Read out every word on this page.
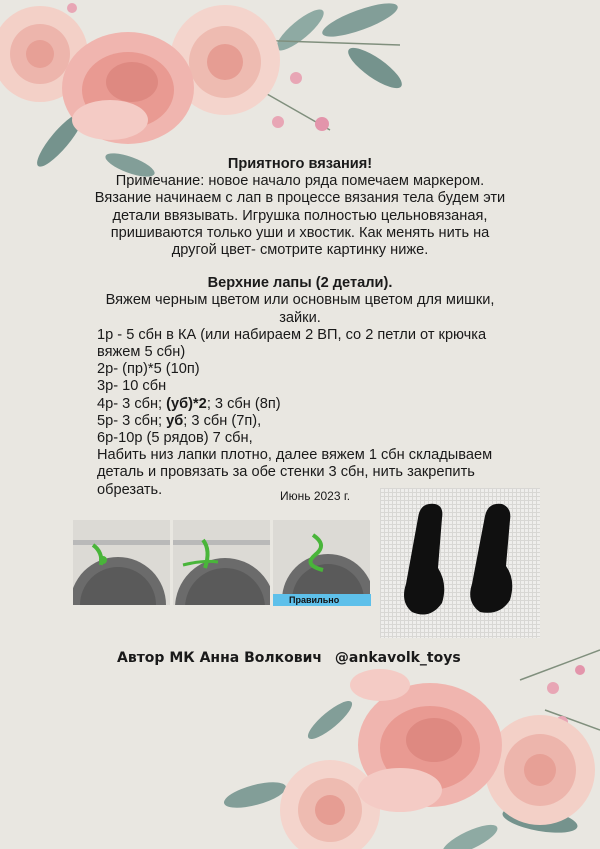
Приятного вязания!
Примечание: новое начало ряда помечаем маркером.
Вязание начинаем с лап в процессе вязания тела будем эти
детали ввязывать. Игрушка полностью цельновязаная,
пришиваются только уши и хвостик. Как менять нить на
другой цвет- смотрите картинку ниже.
Верхние лапы (2 детали).
Вяжем черным цветом или основным цветом для мишки,
зайки.
1р - 5 сбн в КА (или набираем 2 ВП, со 2 петли от крючка
вяжем 5 сбн)
2р- (пр)*5 (10п)
3р- 10 сбн
4р- 3 сбн; (уб)*2; 3 сбн (8п)
5р- 3 сбн; уб; 3 сбн (7п),
6р-10р (5 рядов) 7 сбн,
Набить низ лапки плотно, далее вяжем 1 сбн складываем
деталь и провязать за обе стенки 3 сбн, нить закрепить
обрезать.	Июнь 2023 г.
Правильно
Автор МК Анна Волкович @ankavolk_toys
